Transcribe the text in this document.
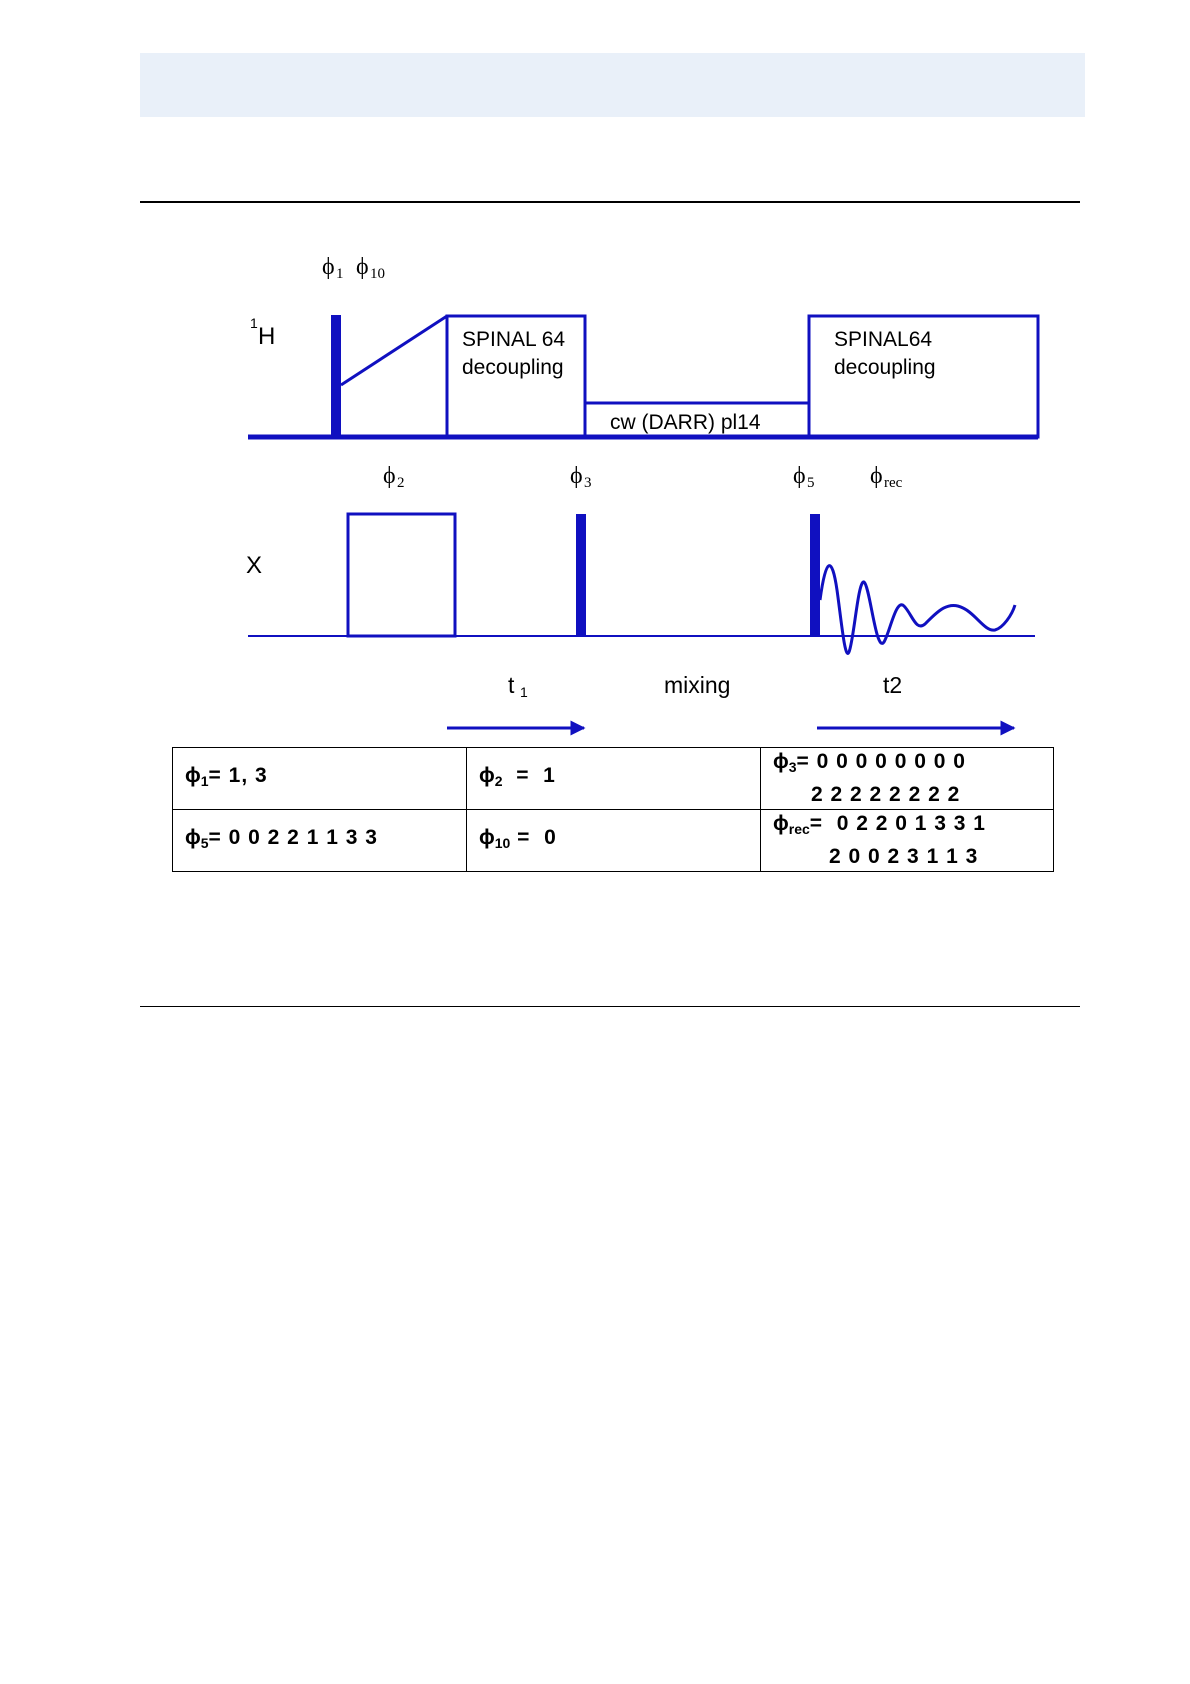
ϕ 1 ϕ 10
1 H	SPINAL 64
decoupling
cw (DARR) pl14
SPINAL64
decoupling
ϕ 2	ϕ 3	ϕ 5 ϕ rec
X
t 1	mixing	t2
$\phi_1= 1$, 3	$\phi_2 = 1$	$\phi_3= 0$ 0 0 0 0 0 0 0
2 2 2 2 2 2 2 2

$\phi_5= 0$ 0 2 2 1 1 3 3	$\phi_{10} = 0$	$\phi_{rec}= 0$ 2 2 0 1 3 3 1
2 0 0 2 3 1 1 3
